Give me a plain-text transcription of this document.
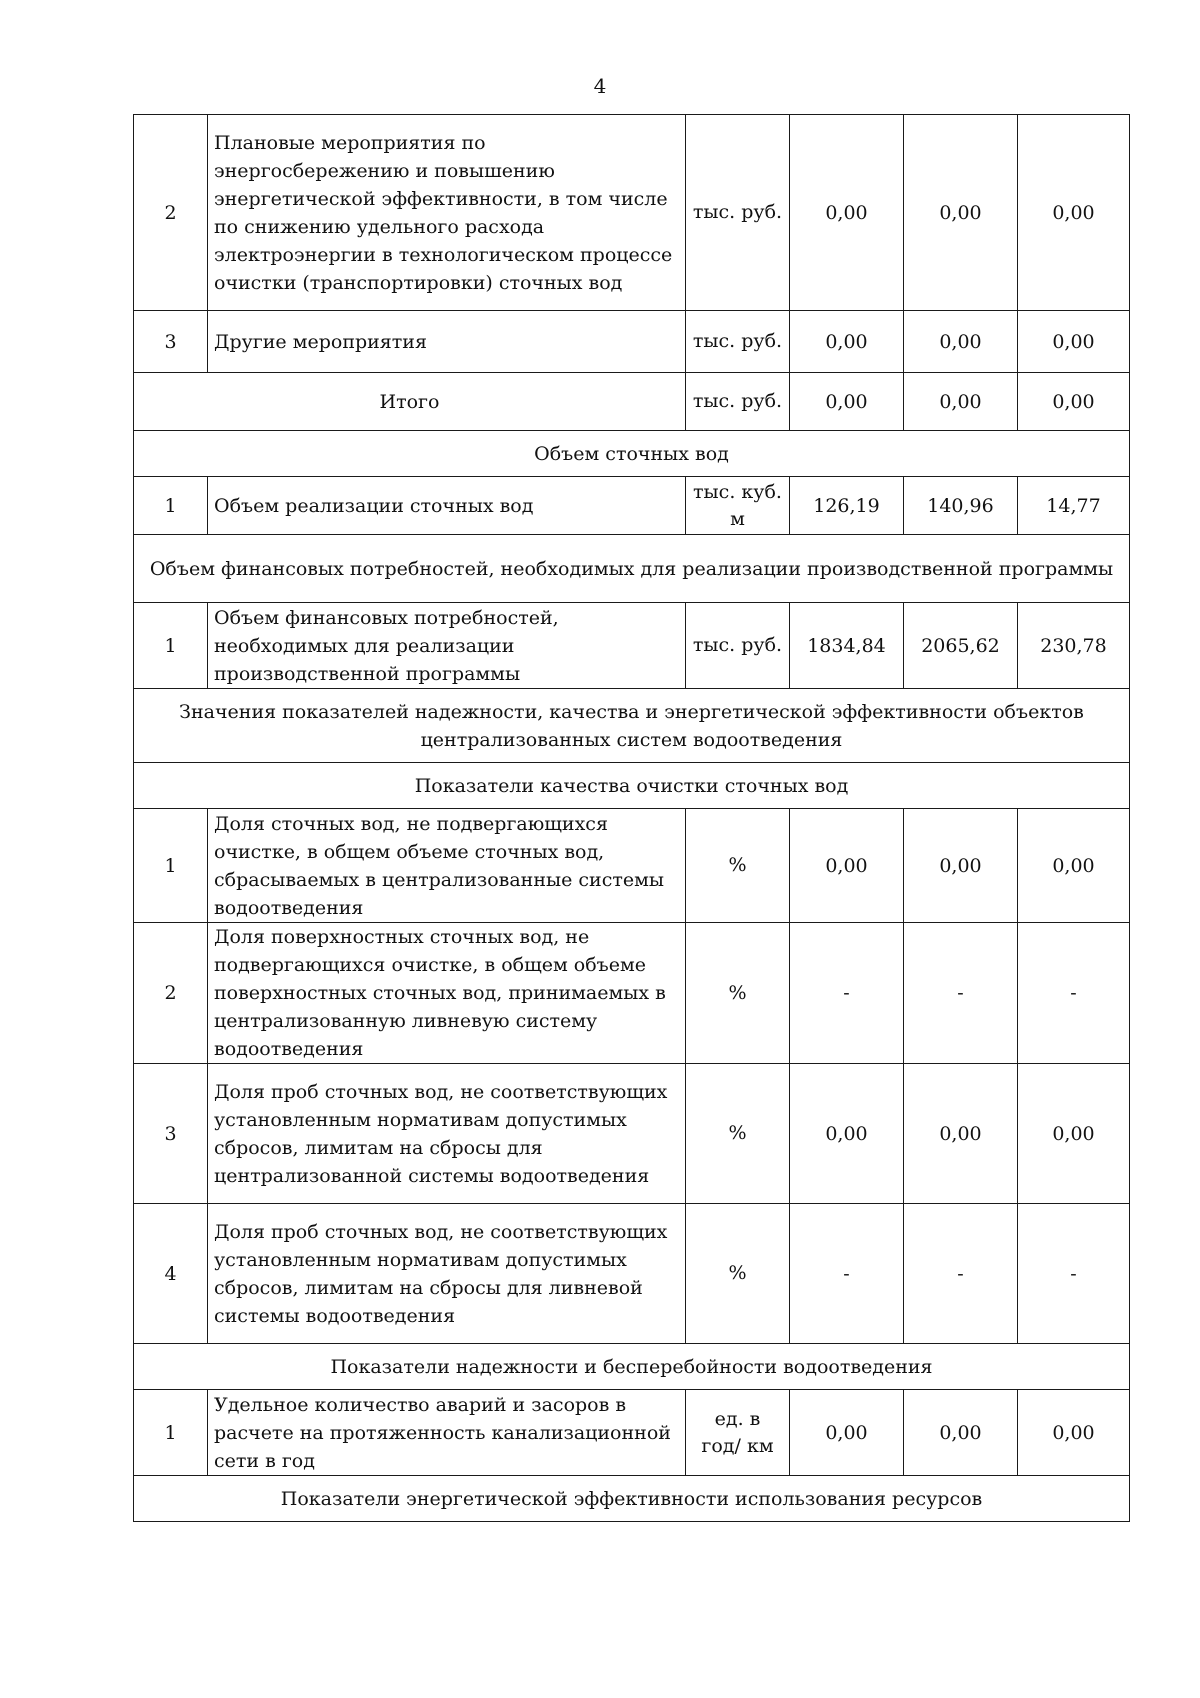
4
2	Плановые мероприятия по энергосбережению и повышению энергетической эффективности, в том числе по снижению удельного расхода электроэнергии в технологическом процессе очистки (транспортировки) сточных вод	тыс. руб.	0,00	0,00	0,00
3	Другие мероприятия	тыс. руб.	0,00	0,00	0,00
Итого		тыс. руб.	0,00	0,00	0,00
Объем сточных вод					
1	Объем реализации сточных вод	тыс. куб. м	126,19	140,96	14,77
Объем финансовых потребностей, необходимых для реализации производственной программы					
1	Объем финансовых потребностей, необходимых для реализации производственной программы	тыс. руб.	1834,84	2065,62	230,78
Значения показателей надежности, качества и энергетической эффективности объектов централизованных систем водоотведения					
Показатели качества очистки сточных вод					
1	Доля сточных вод, не подвергающихся очистке, в общем объеме сточных вод, сбрасываемых в централизованные системы водоотведения	%	0,00	0,00	0,00
2	Доля поверхностных сточных вод, не подвергающихся очистке, в общем объеме поверхностных сточных вод, принимаемых в централизованную ливневую систему водоотведения	%	-	-	-
3	Доля проб сточных вод, не соответствующих установленным нормативам допустимых сбросов, лимитам на сбросы для централизованной системы водоотведения	%	0,00	0,00	0,00
4	Доля проб сточных вод, не соответствующих установленным нормативам допустимых сбросов, лимитам на сбросы для ливневой системы водоотведения	%	-	-	-
Показатели надежности и бесперебойности водоотведения					
1	Удельное количество аварий и засоров в расчете на протяженность канализационной сети в год	ед. в год/ км	0,00	0,00	0,00
Показатели энергетической эффективности использования ресурсов					
